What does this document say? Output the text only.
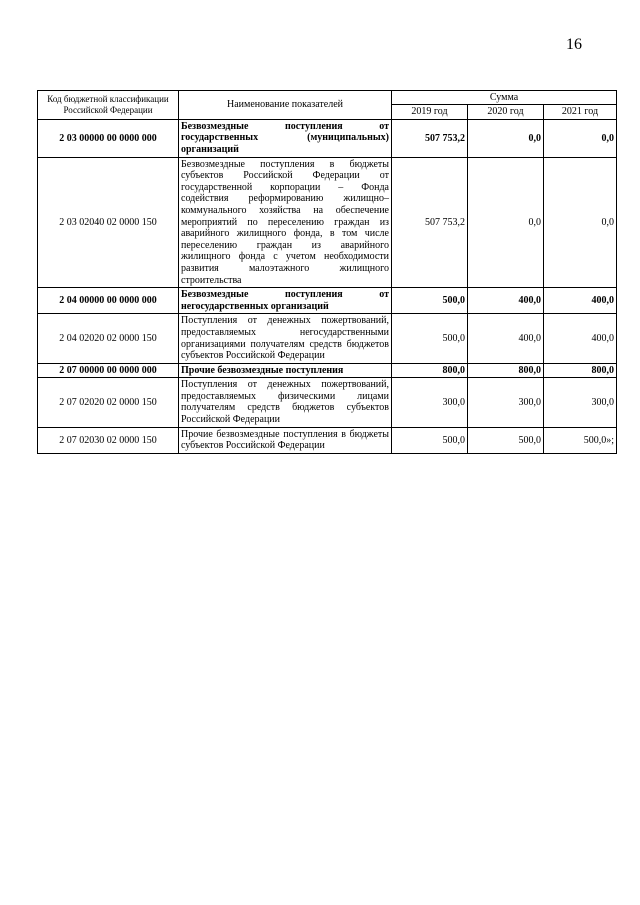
16
Код бюджетной классификации Российской Федерации	Наименование показателей	Сумма		
		2019 год	2020 год	2021 год
2 03 00000 00 0000 000	Безвозмездные поступления от государственных (муниципальных) организаций	507 753,2	0,0	0,0
2 03 02040 02 0000 150	Безвозмездные поступления в бюджеты субъектов Российской Федерации от государственной корпорации – Фонда содействия реформированию жилищно–коммунального хозяйства на обеспечение мероприятий по переселению граждан из аварийного жилищного фонда, в том числе переселению граждан из аварийного жилищного фонда с учетом необходимости развития малоэтажного жилищного строительства	507 753,2	0,0	0,0
2 04 00000 00 0000 000	Безвозмездные поступления от негосударственных организаций	500,0	400,0	400,0
2 04 02020 02 0000 150	Поступления от денежных пожертвований, предоставляемых негосударственными организациями получателям средств бюджетов субъектов Российской Федерации	500,0	400,0	400,0
2 07 00000 00 0000 000	Прочие безвозмездные поступления	800,0	800,0	800,0
2 07 02020 02 0000 150	Поступления от денежных пожертвований, предоставляемых физическими лицами получателям средств бюджетов субъектов Российской Федерации	300,0	300,0	300,0
2 07 02030 02 0000 150	Прочие безвозмездные поступления в бюджеты субъектов Российской Федерации	500,0	500,0	500,0»;
